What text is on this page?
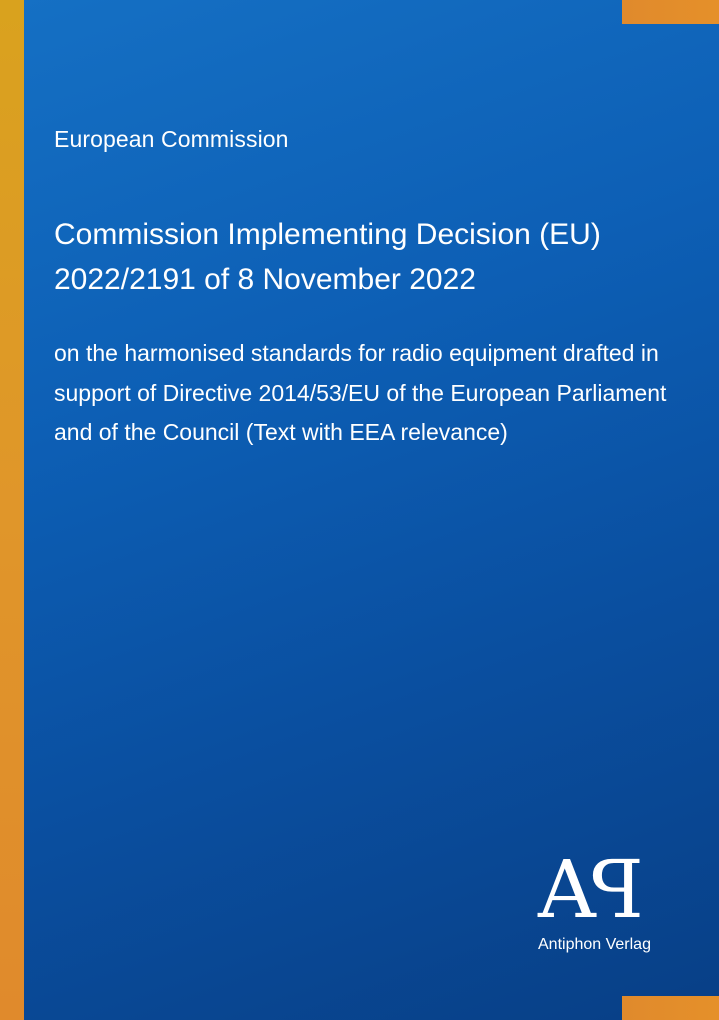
European Commission
Commission Implementing Decision (EU) 2022/2191 of 8 November 2022
on the harmonised standards for radio equipment drafted in support of Directive 2014/53/EU of the European Parliament and of the Council (Text with EEA relevance)
AP
Antiphon Verlag
